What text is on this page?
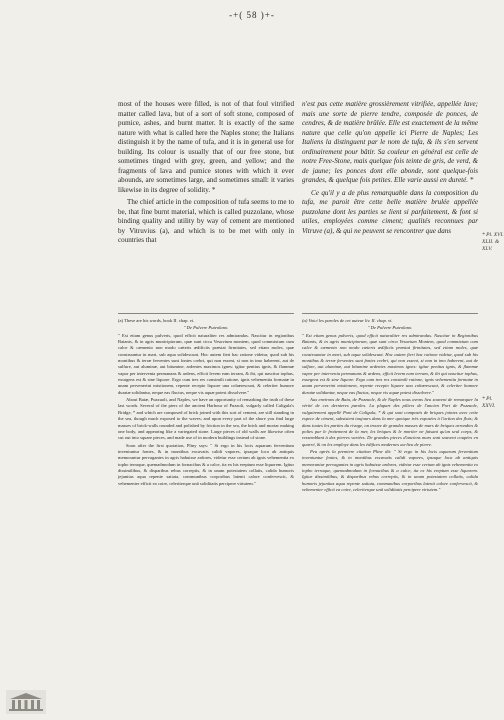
-+( 58 )+-

most of the houses were filled, is not of that foul vitrified matter called lava, but of a sort of soft stone, composed of pumice, ashes, and burnt matter. It is exactly of the same nature with what is called here the Naples stone; the Italians distinguish it by the name of tufa, and it is in general use for building. Its colour is usually that of our free stone, but sometimes tinged with grey, green, and yellow; and the fragments of lava and pumice stones with which it ever abounds, are sometimes large, and sometimes small: it varies likewise in its degree of solidity. *

The chief article in the composition of tufa seems to me to be, that fine burnt material, which is called puzzolane, whose binding quality and utility by way of cement are mentioned by Vitruvius (a), and which is to be met with only in countries that

n'est pas cette matière grossièrement vitrifiée, appellée lave; mais une sorte de pierre tendre, composée de ponces, de cendres, & de matière brûlée. Elle est exactement de la même nature que celle qu'on appelle ici Pierre de Naples; Les Italiens la distinguent par le nom de tufa, & ils s'en servent ordinairement pour bâtir. Sa couleur en général est celle de notre Free-Stone, mais quelque fois teinte de gris, de verd, & de jaune; les ponces dont elle abonde, sont quelque-fois grandes, & quelque fois petites. Elle varie aussi en dureté. *

Ce qu'il y a de plus remarquable dans la composition du tufa, me paroit être cette belle matière brulée appellée puzzolane dont les parties se lient si parfaitement, & font si utiles, employées comme ciment; qualités reconnues par Vitruve (a), & qui ne peuvent se rencontrer que dans

* Pl. XVI. XLII. & XLV.
* Pl. XXVI.

(a) These are his words, book II. chap. vi.

" De Pulvere Puteolano.

" Est etiam genus pulveris, quod efficit naturaliter res admirandas. Nascitur in regionibus Baianis, & in agris municipiorum, quæ sunt circa Vesuvium montem, quod commixtum cum calce & cæmento non modo cæteris ædificiis præstat firmitates, sed etiam moles, quæ construuntur in mari, sub aqua solidescunt. Hoc autem fieri hac ratione videtur, quod sub his montibus & terræ ferventes sunt fontes crebri, qui non essent, si non in imo haberent, aut de sulfure, aut aluminæ, aut bitumine, ardentes maximos ignes: igitur penitus ignis, & flammæ vapor per intervenia permanans & ardens, efficit levem eam terram, & ibi, qui nascitur tophus, exurgens est & sine liquore. Ergo cum tres res consimili ratione, ignis vehementia formatæ in unam pervenerint mixtionem, repente recepto liquore una cohærescunt, & celeriter humore duratæ solidantur, neque eas fluctus, neque vis aquæ potest dissolvere."

About Baiæ, Puzzuoli, and Naples, we have an opportunity of remarking the truth of these last words. Several of the piers of the ancient Harbour of Puzzoli, vulgarly called Caligula's Bridge, * and which are composed of brick joined with this sort of cement, are still standing in the sea, though much exposed to the waves; and upon every part of the shore you find large masses of brick-walls rounded and polished by friction in the sea, the brick and mortar making one body, and appearing like a variegated stone. Large pieces of old walls are likewise often cut out into square pieces, and made use of in modern buildings instead of stone.

Soon after the first quotation, Pliny says: " Si ergo in his locis aquarum ferventium inveniuntur fontes, & in montibus excavatis calidi vapores, ipsaque loca ab antiquis memorantur pervagantes in agris habuisse ardores, videtur esse certum ab ignis vehementia ex topho terraque, quemadmodum in fornacibus & a calce, ita ex his ereptum esse liquorem. Igitur dissimilibus, & disparibus rebus correptis, & in unam potestatem collatis, calida humoris jejunitas aqua repente satiata, communibus corporibus latenti calore confervescit, & vehementer efficit ea coire, celeriterque unā soliditatis percipere virtutem."

(a) Voici les paroles de cet auteur liv. II. chap. vi.

" De Pulvere Puteolano.

" Est etiam genus pulveris, quod efficit naturaliter res admirandas. Nascitur in Regionibus Baianis, & in agris municipiorum, quæ sunt circa Vesuvium Montem, quod commixtum cum calce & cæmento non modo cæteris ædificiis præstat firmitates, sed etiam moles, quæ construuntur in mari, sub aqua solidescunt. Hoc autem fieri hac ratione videtur, quod sub his montibus & terræ ferventes sunt fontes crebri, qui non essent, si non in imo haberent, aut de sulfure, aut aluminæ, aut bitumine ardentes maximos ignes: igitur penitus ignis, & flammæ vapor per intervenia permanans & ardens, efficit levem eam terram, & ibi qui nascitur tophus, exurgens est & sine liquore. Ergo cum tres res consimili ratione, ignis vehementia formatæ in unam pervenerint mixtionem, repente recepto liquore una cohærescunt, & celeriter humore duratæ solidantur, neque eas fluctus, neque vis aquæ potest dissolvere."

Aux environs de Baia, de Pozzuole, & de Naples nous avons lieu souvent de remarquer la vérité de ces dernieres paroles. La plupart des piliers de l'ancien Port de Pozzuole, vulgairement appellé Pont de Caligula, * & qui sont composés de briques jointes avec cette espece de ciment, subsistent toujours dans la mer quoique très exposées à l'action des flots; & dans toutes les parties du rivage, on trouve de grandes masses de murs de briques arrondies & polies par le frottement de la mer, les briques & le mortier ne faisant qu'un seul corps, & ressemblant à des pierres variées. De grandes pieces d'anciens murs sont souvent coupées en quarré, & on les employe dans les édifices modernes au-lieu de pierre.

Peu après la premiere citation Pline dit: " Si ergo in his locis aquarum ferventium inveniuntur fontes, & in montibus excavatis calidi vapores, ipsaque loca ab antiquis memorantur pervagantes in agris habuisse ardores, videtur esse certum ab ignis vehementia ex topho terraque, quemadmodum in fornacibus & a calce, ita ex his ereptum esse liquorem. Igitur dissimilibus, & disparibus rebus correptis, & in unam potestatem collatis, calida humoris jejunitas aqua repente satiata, communibus corporibus latenti calore confervescit, & vehementer efficit ea coire, celeriterque unā soliditatis percipere virtutem."
